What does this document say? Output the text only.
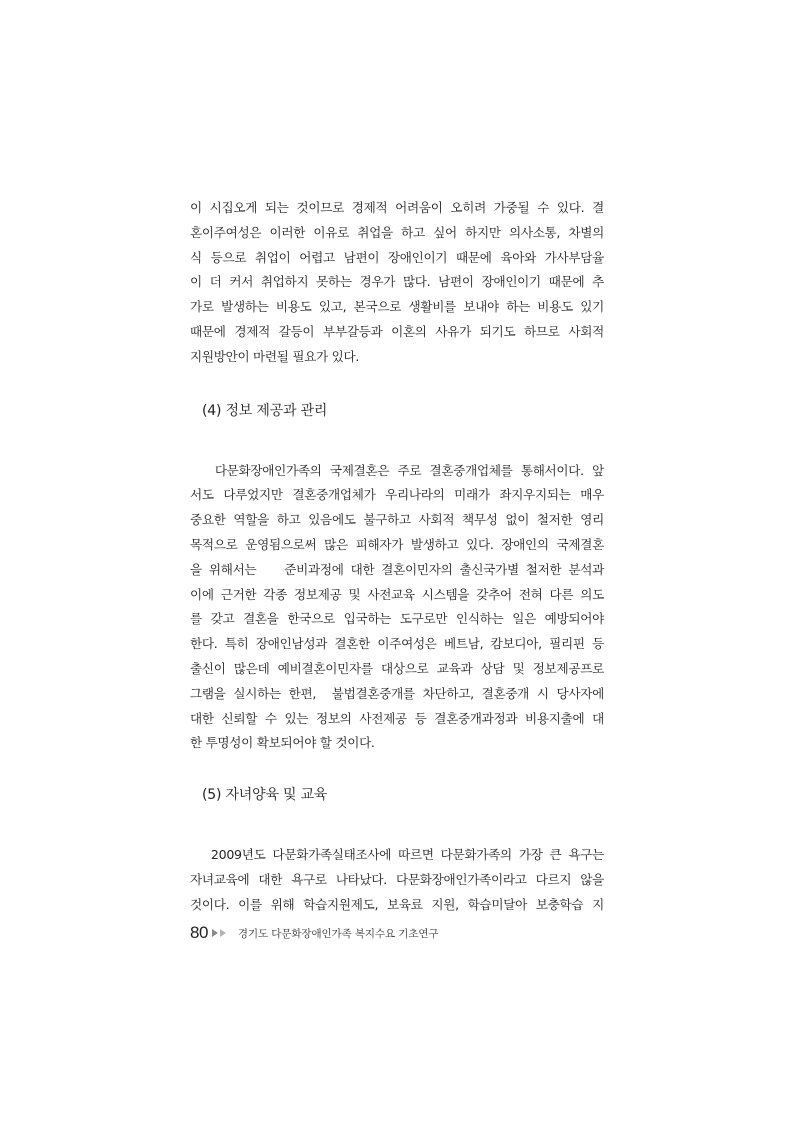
이 시집오게 되는 것이므로 경제적 어려움이 오히려 가중될 수 있다. 결
혼이주여성은 이러한 이유로 취업을 하고 싶어 하지만 의사소통, 차별의
식 등으로 취업이 어렵고 남편이 장애인이기 때문에 육아와 가사부담율
이 더 커서 취업하지 못하는 경우가 많다. 남편이 장애인이기 때문에 추
가로 발생하는 비용도 있고, 본국으로 생활비를 보내야 하는 비용도 있기
때문에 경제적 갈등이 부부갈등과 이혼의 사유가 되기도 하므로 사회적
지원방안이 마련될 필요가 있다.
(4) 정보 제공과 관리
다문화장애인가족의 국제결혼은 주로 결혼중개업체를 통해서이다. 앞
서도 다루었지만 결혼중개업체가 우리나라의 미래가 좌지우지되는 매우
중요한 역할을 하고 있음에도 불구하고 사회적 책무성 없이 철저한 영리
목적으로 운영됨으로써 많은 피해자가 발생하고 있다. 장애인의 국제결혼
을 위해서는    준비과정에 대한 결혼이민자의 출신국가별 철저한 분석과
이에 근거한 각종 정보제공 및 사전교육 시스템을 갖추어 전혀 다른 의도
를 갖고 결혼을 한국으로 입국하는 도구로만 인식하는 일은 예방되어야
한다. 특히 장애인남성과 결혼한 이주여성은 베트남, 캄보디아, 필리핀 등
출신이 많은데 예비결혼이민자를 대상으로 교육과 상담 및 정보제공프로
그램을 실시하는 한편,  불법결혼중개를 차단하고, 결혼중개 시 당사자에
대한 신뢰할 수 있는 정보의 사전제공 등 결혼중개과정과 비용지출에 대
한 투명성이 확보되어야 할 것이다.
(5) 자녀양육 및 교육
2009년도 다문화가족실태조사에 따르면 다문화가족의 가장 큰 욕구는
자녀교육에 대한 욕구로 나타났다. 다문화장애인가족이라고 다르지 않을
것이다. 이를 위해 학습지원제도, 보육료 지원, 학습미달아 보충학습 지
80	경기도 다문화장애인가족 복지수요 기초연구
